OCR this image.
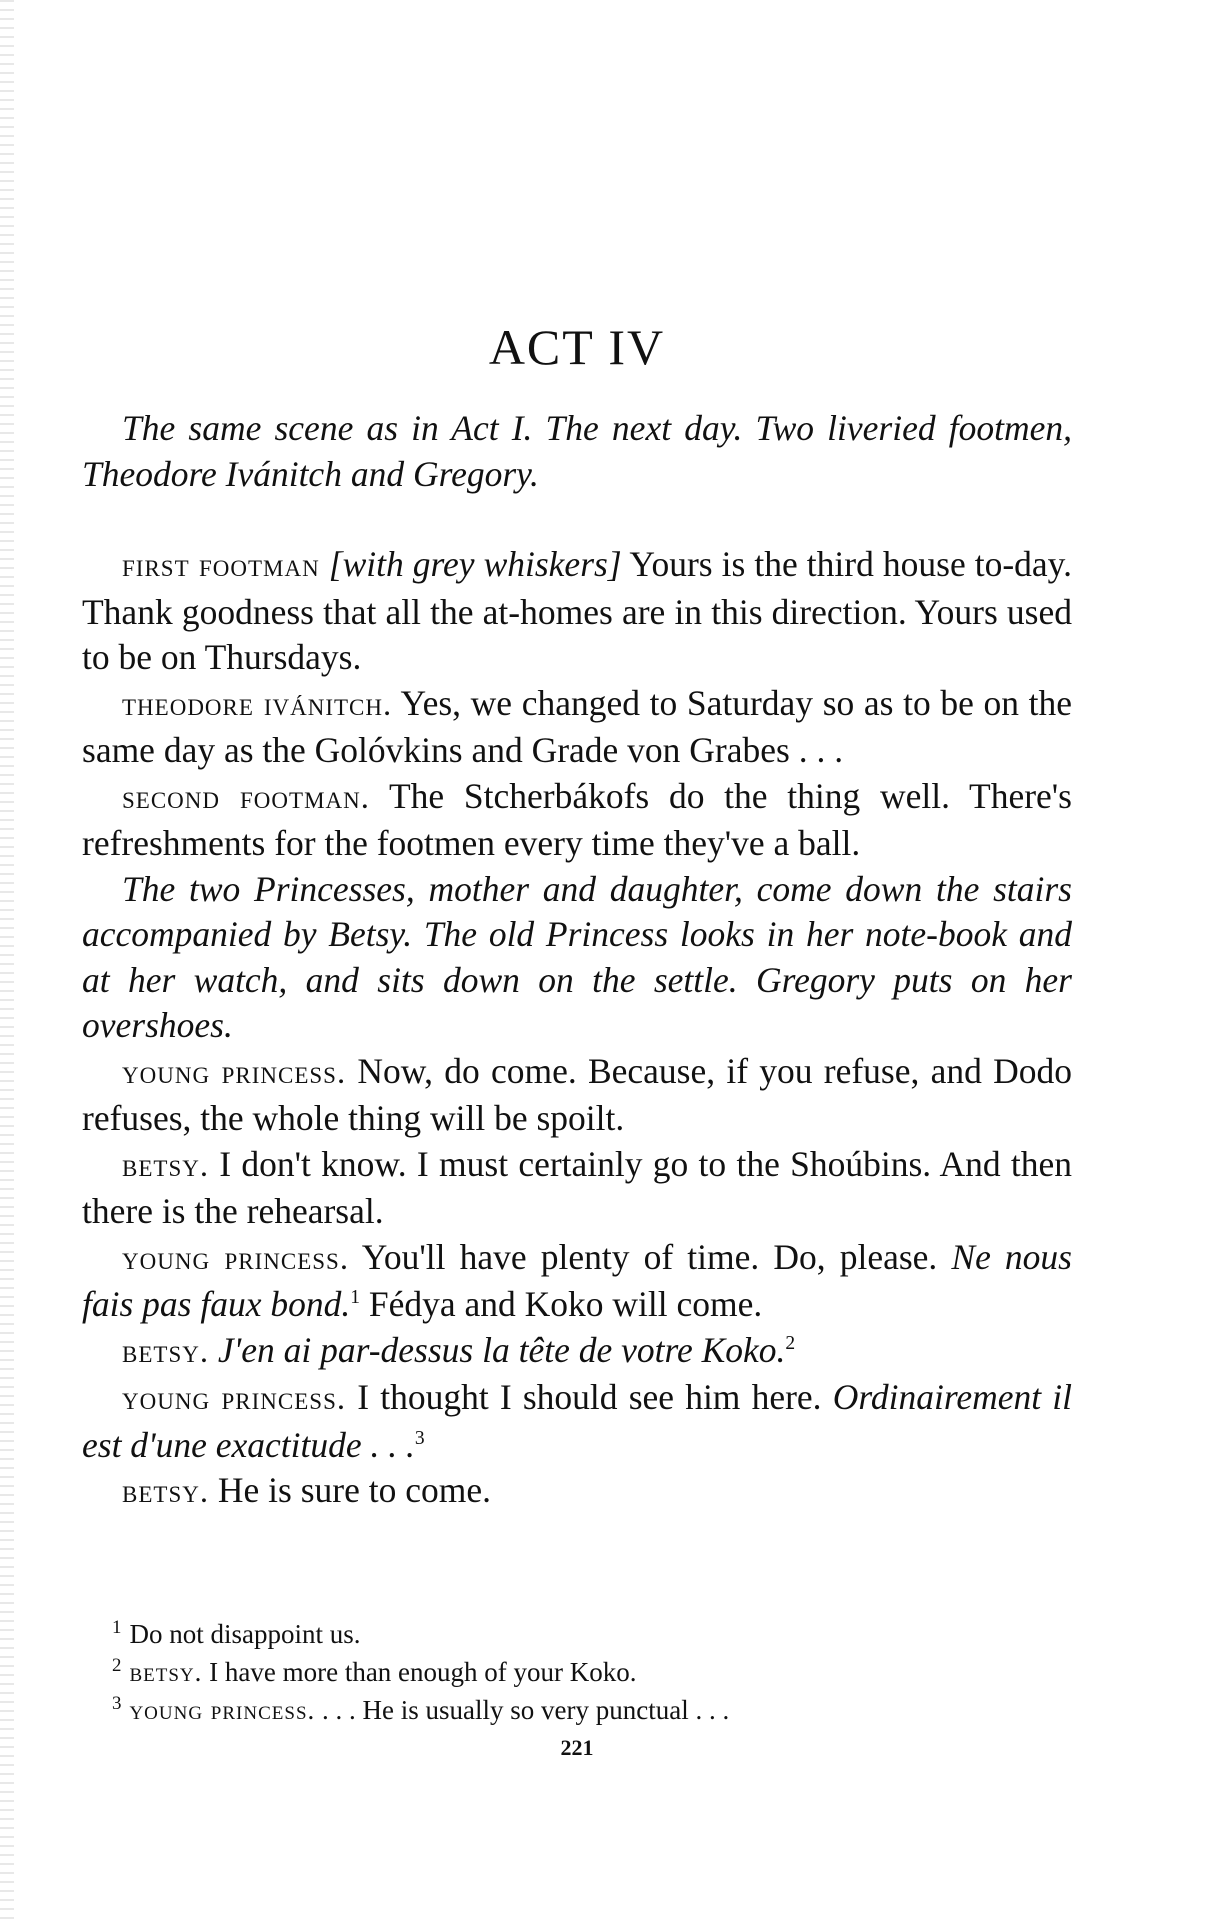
ACT IV

The same scene as in Act I. The next day. Two liveried footmen, Theodore Ivánitch and Gregory.

first footman [with grey whiskers] Yours is the third house to-day. Thank goodness that all the at-homes are in this direction. Yours used to be on Thursdays.

theodore ivánitch. Yes, we changed to Saturday so as to be on the same day as the Golóvkins and Grade von Grabes . . .

second footman. The Stcherbákofs do the thing well. There's refreshments for the footmen every time they've a ball.

The two Princesses, mother and daughter, come down the stairs accompanied by Betsy. The old Princess looks in her note-book and at her watch, and sits down on the settle. Gregory puts on her overshoes.

young princess. Now, do come. Because, if you refuse, and Dodo refuses, the whole thing will be spoilt.

betsy. I don't know. I must certainly go to the Shoúbins. And then there is the rehearsal.

young princess. You'll have plenty of time. Do, please. Ne nous fais pas faux bond.$^1$ Fédya and Koko will come.

betsy. J'en ai par-dessus la tête de votre Koko.$^2$

young princess. I thought I should see him here. Ordinairement il est d'une exactitude . . .$^3$

betsy. He is sure to come.

$^1$ Do not disappoint us.

$^2$ betsy. I have more than enough of your Koko.

$^3$ young princess. . . . He is usually so very punctual . . .

221
